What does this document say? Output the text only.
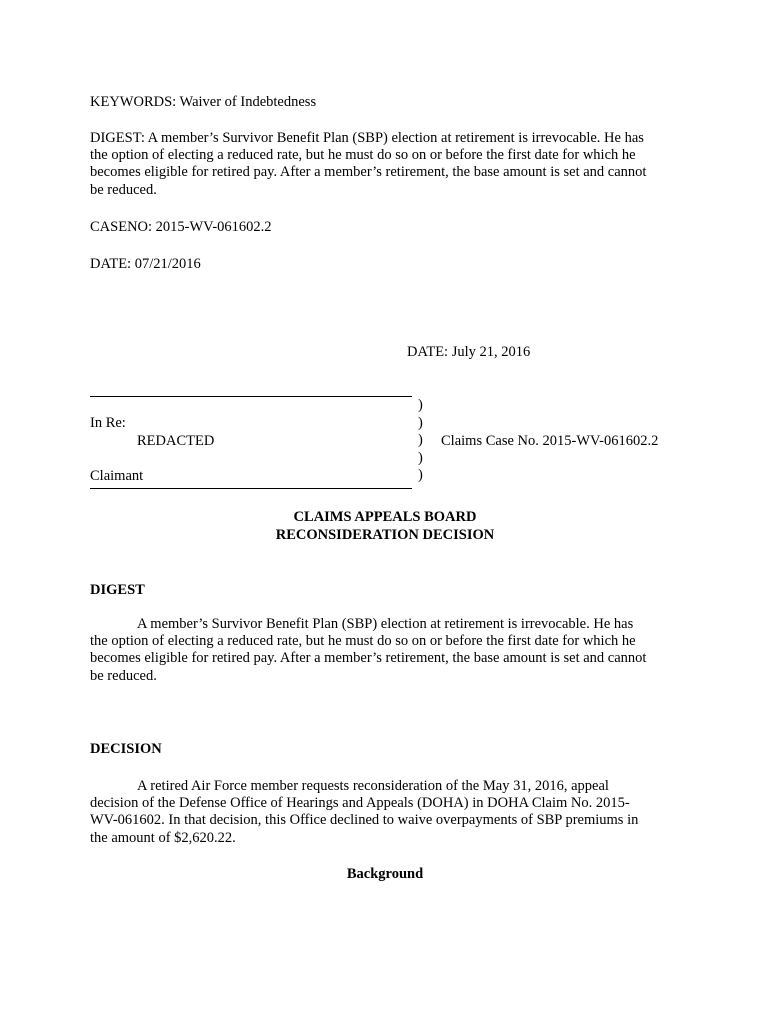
KEYWORDS: Waiver of Indebtedness

DIGEST: A member’s Survivor Benefit Plan (SBP) election at retirement is irrevocable. He has
the option of electing a reduced rate, but he must do so on or before the first date for which he
becomes eligible for retired pay. After a member’s retirement, the base amount is set and cannot
be reduced.

CASENO: 2015-WV-061602.2

DATE: 07/21/2016

DATE: July 21, 2016

In Re:

REDACTED

Claimant

)
)
)
)
)

Claims Case No. 2015-WV-061602.2

CLAIMS APPEALS BOARD
RECONSIDERATION DECISION

DIGEST

A member’s Survivor Benefit Plan (SBP) election at retirement is irrevocable. He has
the option of electing a reduced rate, but he must do so on or before the first date for which he
becomes eligible for retired pay. After a member’s retirement, the base amount is set and cannot
be reduced.

DECISION

A retired Air Force member requests reconsideration of the May 31, 2016, appeal
decision of the Defense Office of Hearings and Appeals (DOHA) in DOHA Claim No. 2015-
WV-061602. In that decision, this Office declined to waive overpayments of SBP premiums in
the amount of $2,620.22.
Background
